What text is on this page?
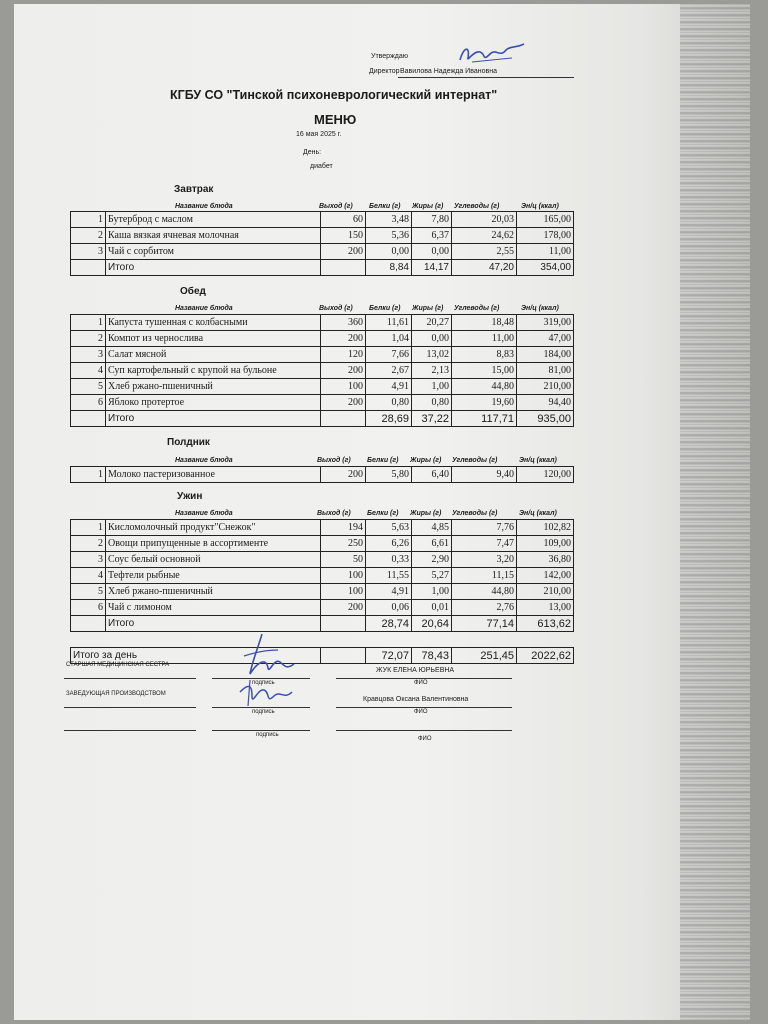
Утверждаю
Директор Вавилова Надежда Ивановна
КГБУ СО "Тинской психоневрологический интернат"
МЕНЮ
16 мая 2025 г.
День:
диабет
Завтрак
Название блюда	Выход (г) Белки (г) Жиры (г) Углеводы (г)	Эн/ц (ккал)
1	Бутерброд с маслом	60	3,48	7,80	20,03	165,00
2	Каша вязкая ячневая молочная	150	5,36	6,37	24,62	178,00
3	Чай с сорбитом	200	0,00	0,00	2,55	11,00
	Итого		8,84	14,17	47,20	354,00
Обед
Название блюда	Выход (г) Белки (г) Жиры (г) Углеводы (г)	Эн/ц (ккал)
1	Капуста тушенная с колбасными	360	11,61	20,27	18,48	319,00
2	Компот из чернослива	200	1,04	0,00	11,00	47,00
3	Салат мясной	120	7,66	13,02	8,83	184,00
4	Суп картофельный с крупой на бульоне	200	2,67	2,13	15,00	81,00
5	Хлеб ржано-пшеничный	100	4,91	1,00	44,80	210,00
6	Яблоко протертое	200	0,80	0,80	19,60	94,40
	Итого		28,69	37,22	117,71	935,00
Полдник
Название блюда	Выход (г) Белки (г) Жиры (г) Углеводы (г)	Эн/ц (ккал)
1	Молоко пастеризованное	200	5,80	6,40	9,40	120,00
Ужин
Название блюда	Выход (г) Белки (г) Жиры (г) Углеводы (г)	Эн/ц (ккал)
1	Кисломолочный продукт"Снежок"	194	5,63	4,85	7,76	102,82
2	Овощи припущенные в ассортименте	250	6,26	6,61	7,47	109,00
3	Соус белый основной	50	0,33	2,90	3,20	36,80
4	Тефтели рыбные	100	11,55	5,27	11,15	142,00
5	Хлеб ржано-пшеничный	100	4,91	1,00	44,80	210,00
6	Чай с лимоном	200	0,06	0,01	2,76	13,00
	Итого		28,74	20,64	77,14	613,62
Итого за день		72,07	78,43	251,45	2022,62
СТАРШАЯ МЕДИЦИНСКАЯ СЕСТРА
подпись
ЖУК ЕЛЕНА ЮРЬЕВНА
ФИО
ЗАВЕДУЮЩАЯ ПРОИЗВОДСТВОМ
подпись
Кравцова Оксана Валентиновна
ФИО
подпись
ФИО
